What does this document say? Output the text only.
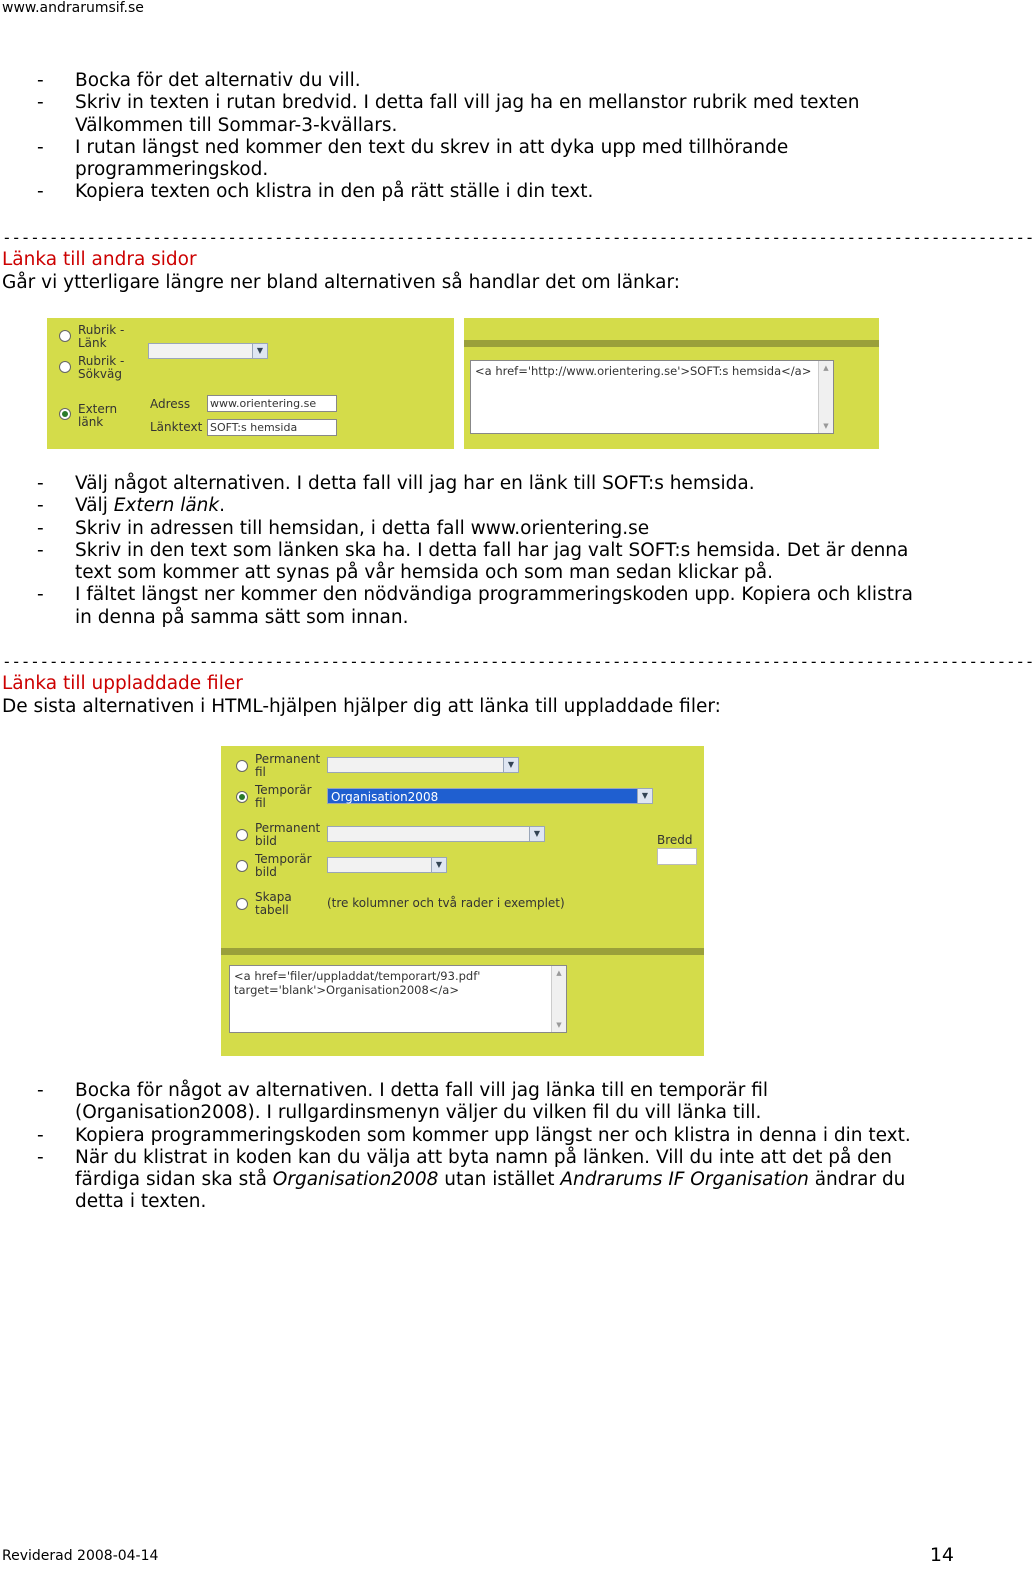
www.andrarumsif.se
- Bocka för det alternativ du vill.
- Skriv in texten i rutan bredvid. I detta fall vill jag ha en mellanstor rubrik med texten Välkommen till Sommar-3-kvällars.
- I rutan längst ned kommer den text du skrev in att dyka upp med tillhörande programmeringskod.
- Kopiera texten och klistra in den på rätt ställe i din text.
--------------------------------------------------------------------------------------------------------------
Länka till andra sidor
Går vi ytterligare längre ner bland alternativen så handlar det om länkar:
Rubrik - Länk
Rubrik - Sökväg
▼
Extern länk
Adress www.orientering.se
Länktext SOFT:s hemsida
<a href='http://www.orientering.se'>SOFT:s hemsida</a>	▲
▼
- Välj något alternativen. I detta fall vill jag har en länk till SOFT:s hemsida.
- Välj Extern länk.
- Skriv in adressen till hemsidan, i detta fall www.orientering.se
- Skriv in den text som länken ska ha. I detta fall har jag valt SOFT:s hemsida. Det är denna text som kommer att synas på vår hemsida och som man sedan klickar på.
- I fältet längst ner kommer den nödvändiga programmeringskoden upp. Kopiera och klistra in denna på samma sätt som innan.
--------------------------------------------------------------------------------------------------------------
Länka till uppladdade filer
De sista alternativen i HTML-hjälpen hjälper dig att länka till uppladdade filer:
Permanent fil
▼
Temporär fil	Organisation2008	▼
Permanent bild
▼
Temporär bild
▼
Bredd
Skapa tabell	(tre kolumner och två rader i exemplet)
<a href='filer/uppladdat/temporart/93.pdf' target='blank'>Organisation2008</a>
▲
▼
- Bocka för något av alternativen. I detta fall vill jag länka till en temporär fil (Organisation2008). I rullgardinsmenyn väljer du vilken fil du vill länka till.
- Kopiera programmeringskoden som kommer upp längst ner och klistra in denna i din text.
- När du klistrat in koden kan du välja att byta namn på länken. Vill du inte att det på den färdiga sidan ska stå Organisation2008 utan istället Andrarums IF Organisation ändrar du detta i texten.
Reviderad 2008-04-14	14
